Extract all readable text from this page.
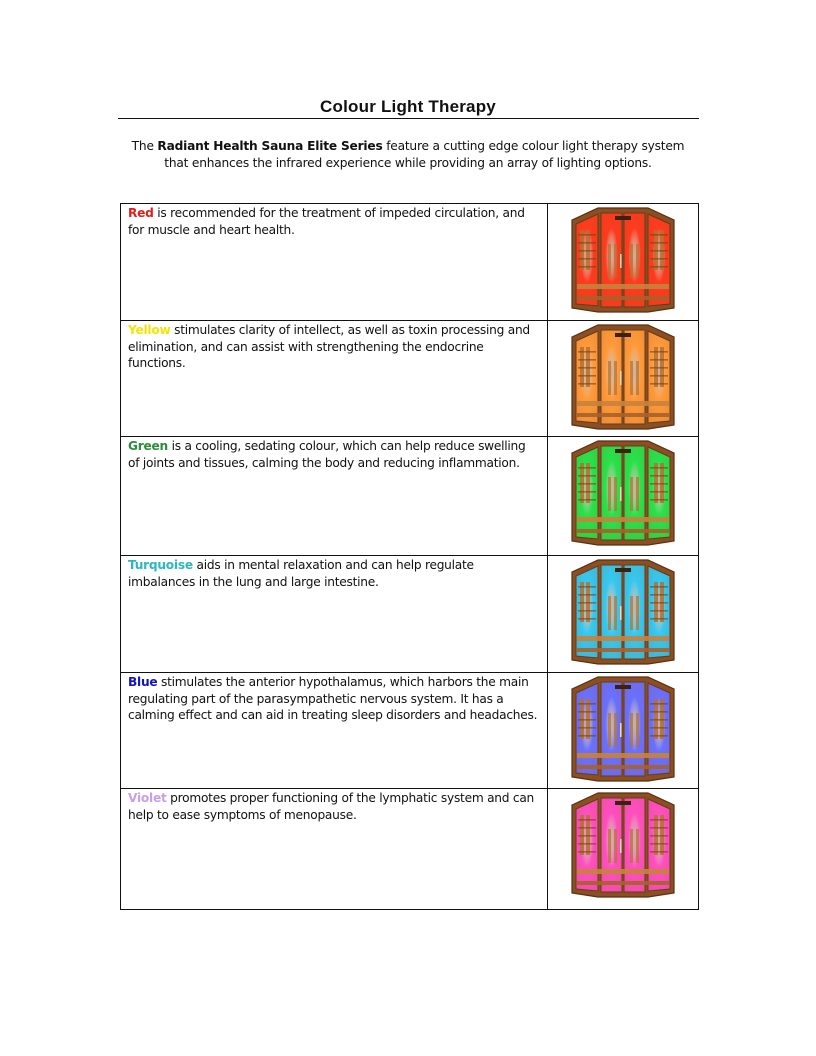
Colour Light Therapy
The Radiant Health Sauna Elite Series feature a cutting edge colour light therapy system that enhances the infrared experience while providing an array of lighting options.
Red is recommended for the treatment of impeded circulation, and for muscle and heart health.

Yellow stimulates clarity of intellect, as well as toxin processing and elimination, and can assist with strengthening the endocrine functions.

Green is a cooling, sedating colour, which can help reduce swelling of joints and tissues, calming the body and reducing inflammation.

Turquoise aids in mental relaxation and can help regulate imbalances in the lung and large intestine.

Blue stimulates the anterior hypothalamus, which harbors the main regulating part of the parasympathetic nervous system. It has a calming effect and can aid in treating sleep disorders and headaches.

Violet promotes proper functioning of the lymphatic system and can help to ease symptoms of menopause.
